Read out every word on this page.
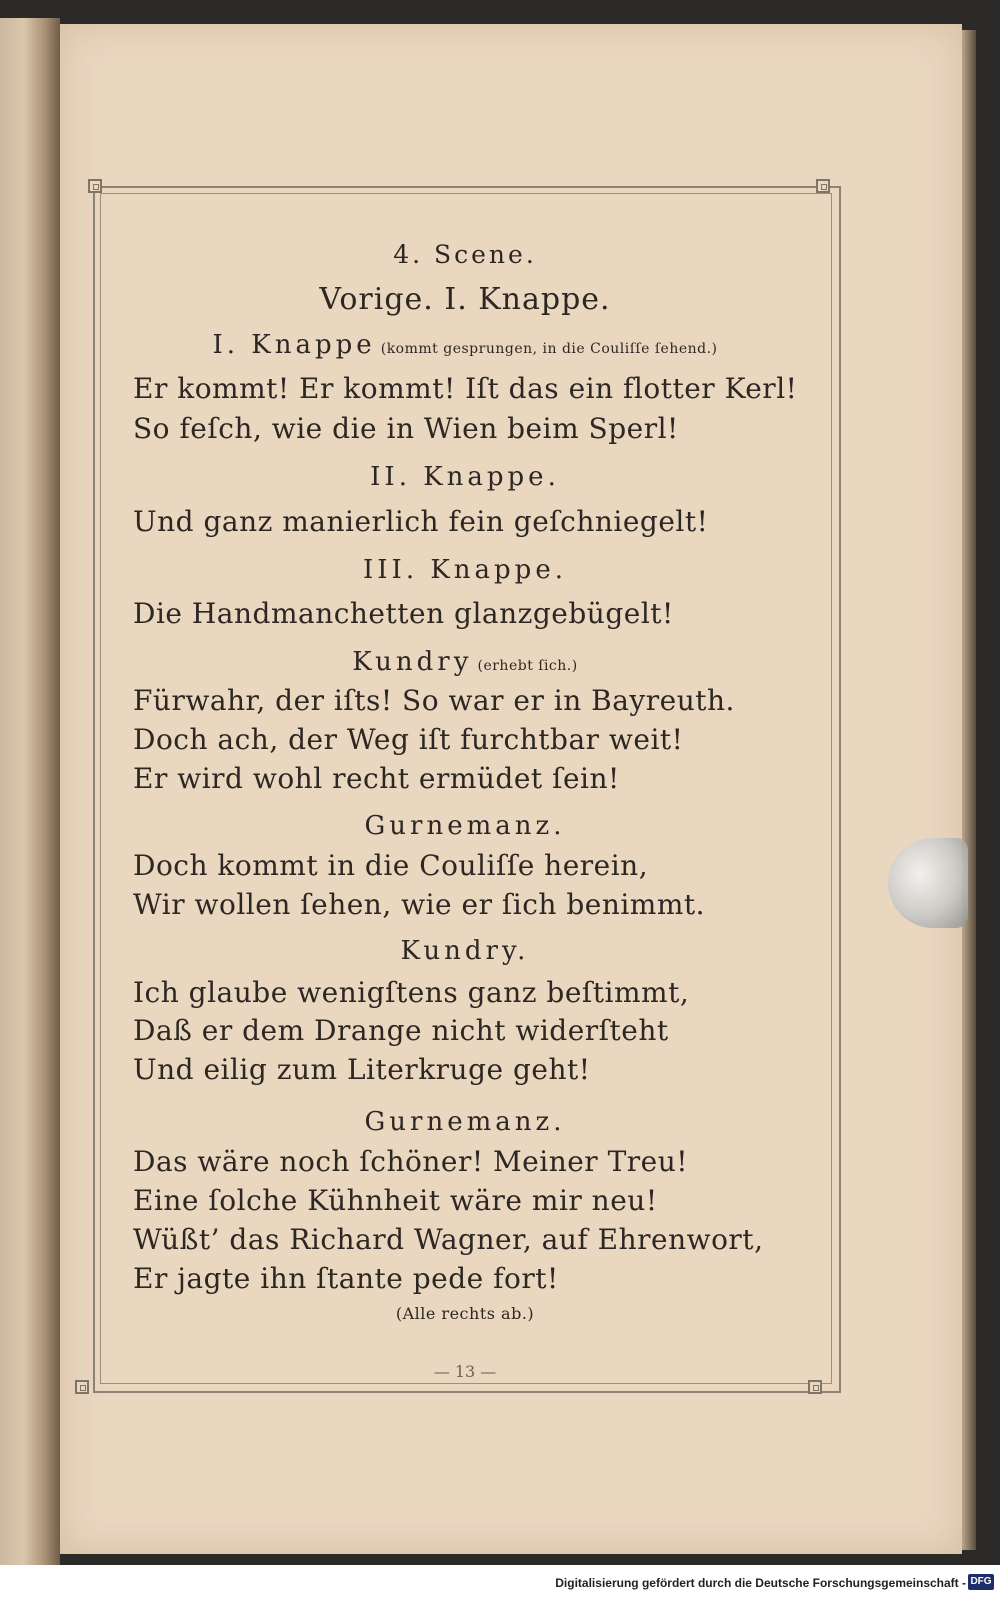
4. Scene.
Vorige. I. Knappe.
I. Knappe (kommt gesprungen, in die Couliſſe ſehend.)
Er kommt! Er kommt! Iſt das ein flotter Kerl!
So feſch, wie die in Wien beim Sperl!
II. Knappe.
Und ganz manierlich fein geſchniegelt!
III. Knappe.
Die Handmanchetten glanzgebügelt!
Kundry (erhebt ſich.)
Fürwahr, der iſts! So war er in Bayreuth.
Doch ach, der Weg iſt furchtbar weit!
Er wird wohl recht ermüdet ſein!
Gurnemanz.
Doch kommt in die Couliſſe herein,
Wir wollen ſehen, wie er ſich benimmt.
Kundry.
Ich glaube wenigſtens ganz beſtimmt,
Daß er dem Drange nicht widerſteht
Und eilig zum Literkruge geht!
Gurnemanz.
Das wäre noch ſchöner! Meiner Treu!
Eine ſolche Kühnheit wäre mir neu!
Wüßt’ das Richard Wagner, auf Ehrenwort,
Er jagte ihn ſtante pede fort!
(Alle rechts ab.)
— 13 —
Digitalisierung gefördert durch die Deutsche Forschungsgemeinschaft - DFG
